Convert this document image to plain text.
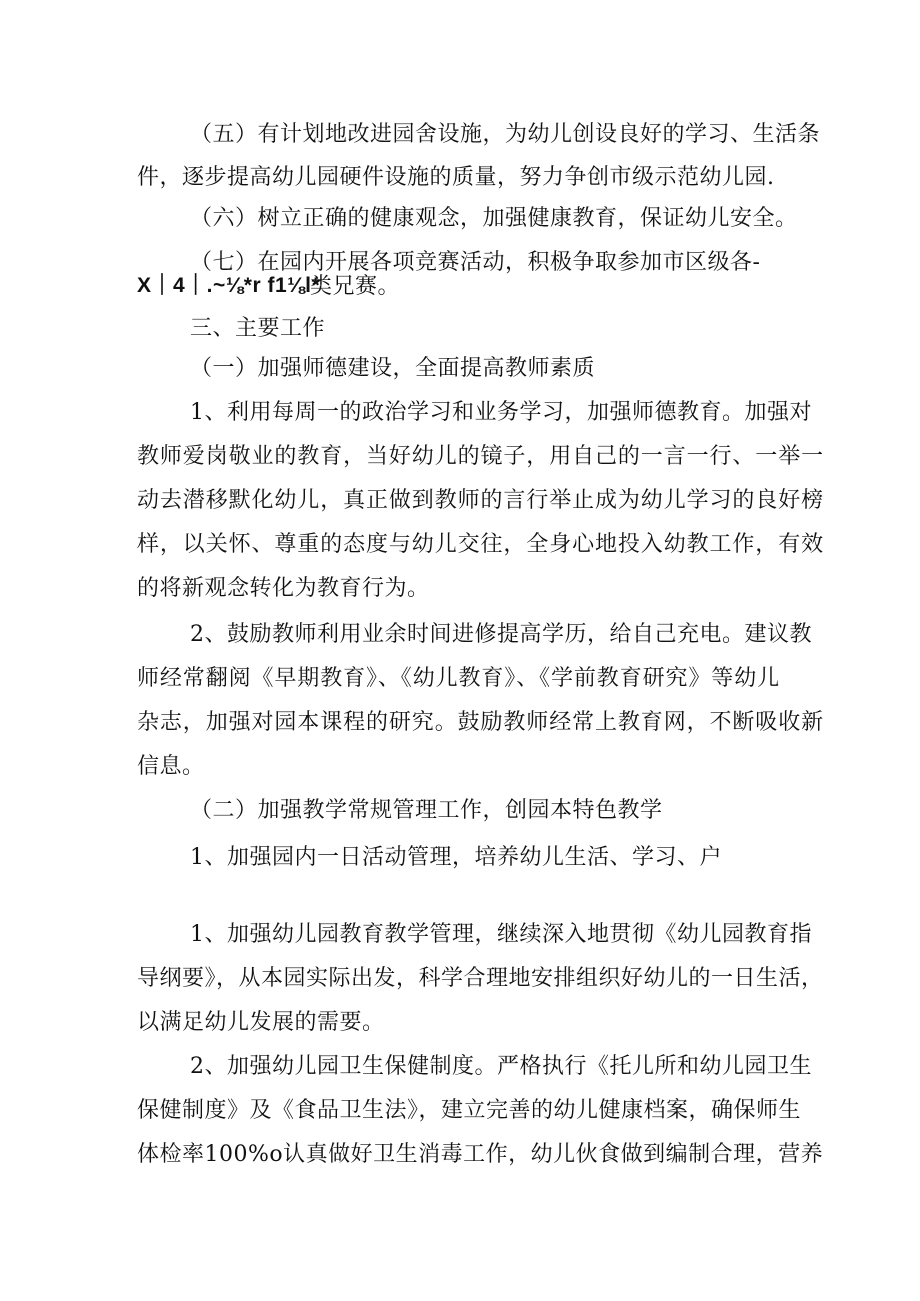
（五）有计划地改进园舍设施，为幼儿创设良好的学习、生活条
件，逐步提高幼儿园硬件设施的质量，努力争创市级示范幼儿园.
（六）树立正确的健康观念，加强健康教育，保证幼儿安全。
（七）在园内开展各项竞赛活动，积极争取参加市区级各-
X｜4｜.~⅛*r f1⅛l*
类兄赛。
三、主要工作
（一）加强师德建设，全面提高教师素质
1、利用每周一的政治学习和业务学习，加强师德教育。加强对
教师爱岗敬业的教育，当好幼儿的镜子，用自己的一言一行、一举一
动去潜移默化幼儿，真正做到教师的言行举止成为幼儿学习的良好榜
样，以关怀、尊重的态度与幼儿交往，全身心地投入幼教工作，有效
的将新观念转化为教育行为。
2、鼓励教师利用业余时间进修提高学历，给自己充电。建议教
师经常翻阅《早期教育》、《幼儿教育》、《学前教育研究》等幼儿
杂志，加强对园本课程的研究。鼓励教师经常上教育网，不断吸收新
信息。
（二）加强教学常规管理工作，创园本特色教学
1、加强园内一日活动管理，培养幼儿生活、学习、户
1、加强幼儿园教育教学管理，继续深入地贯彻《幼儿园教育指
导纲要》，从本园实际出发，科学合理地安排组织好幼儿的一日生活，
以满足幼儿发展的需要。
2、加强幼儿园卫生保健制度。严格执行《托儿所和幼儿园卫生
保健制度》及《食品卫生法》，建立完善的幼儿健康档案，确保师生
体检率100%o认真做好卫生消毒工作，幼儿伙食做到编制合理，营养
